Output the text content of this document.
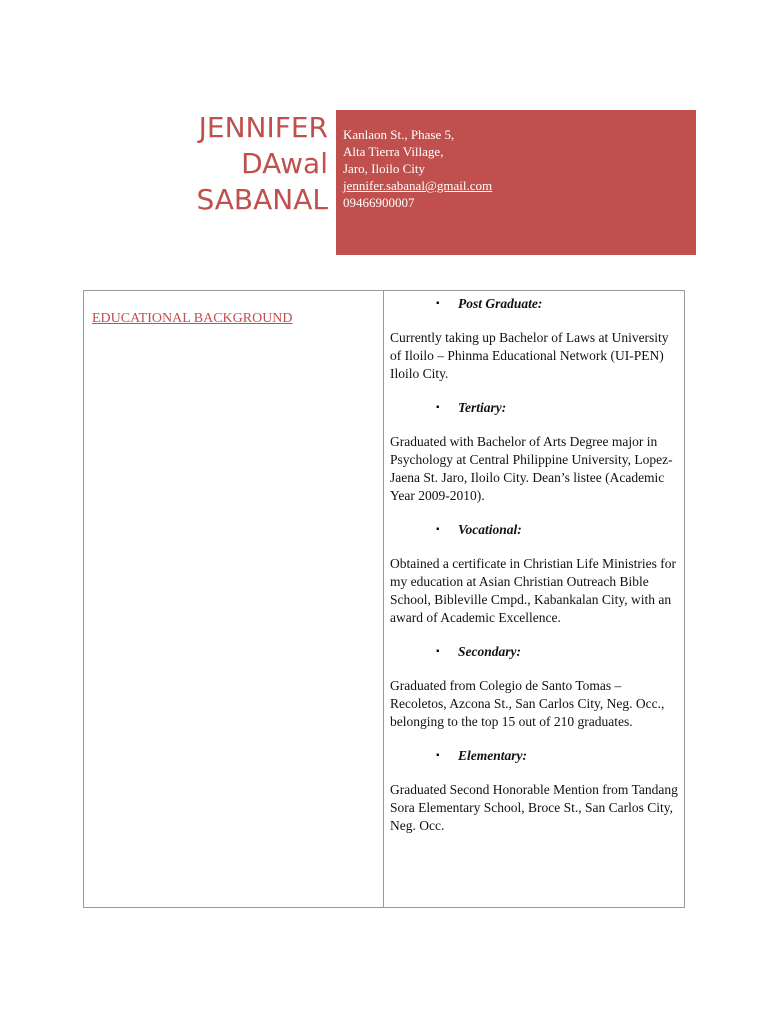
JENNIFER
DAwal
SABANAL
Kanlaon St., Phase 5,
Alta Tierra Village,
Jaro, Iloilo City
jennifer.sabanal@gmail.com
09466900007
EDUCATIONAL BACKGROUND
▪ Post Graduate:

Currently taking up Bachelor of Laws at University of Iloilo – Phinma Educational Network (UI-PEN) Iloilo City.

▪ Tertiary:

Graduated with Bachelor of Arts Degree major in Psychology at Central Philippine University, Lopez-Jaena St. Jaro, Iloilo City. Dean’s listee (Academic Year 2009-2010).

▪ Vocational:

Obtained a certificate in Christian Life Ministries for my education at Asian Christian Outreach Bible School, Bibleville Cmpd., Kabankalan City, with an award of Academic Excellence.

▪ Secondary:

Graduated from Colegio de Santo Tomas – Recoletos, Azcona St., San Carlos City, Neg. Occ., belonging to the top 15 out of 210 graduates.

▪ Elementary:

Graduated Second Honorable Mention from Tandang Sora Elementary School, Broce St., San Carlos City, Neg. Occ.
